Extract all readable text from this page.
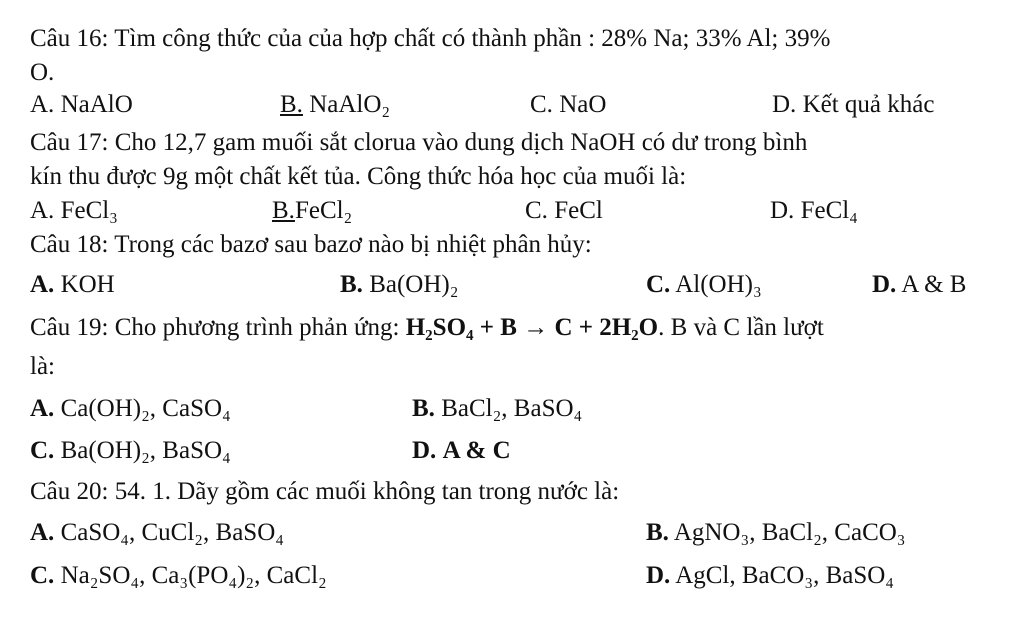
Câu 16: Tìm công thức của của hợp chất có thành phần : 28% Na; 33% Al; 39%
O.
A. NaAlO	B. NaAlO₂	C. NaO	D. Kết quả khác
Câu 17: Cho 12,7 gam muối sắt clorua vào dung dịch NaOH có dư trong bình
kín thu được 9g một chất kết tủa. Công thức hóa học của muối là:
A. FeCl₃	B.FeCl₂	C. FeCl	D. FeCl₄
Câu 18: Trong các bazơ sau bazơ nào bị nhiệt phân hủy:
A. KOH	B. Ba(OH)₂	C. Al(OH)₃	D. A & B
Câu 19: Cho phương trình phản ứng: H₂SO₄ + B → C + 2H₂O. B và C lần lượt
là:
A. Ca(OH)₂, CaSO₄	B. BaCl₂, BaSO₄
C. Ba(OH)₂, BaSO₄	D. A & C
Câu 20: 54. 1. Dãy gồm các muối không tan trong nước là:
A. CaSO₄, CuCl₂, BaSO₄	B. AgNO₃, BaCl₂, CaCO₃
C. Na₂SO₄, Ca₃(PO₄)₂, CaCl₂	D. AgCl, BaCO₃, BaSO₄
